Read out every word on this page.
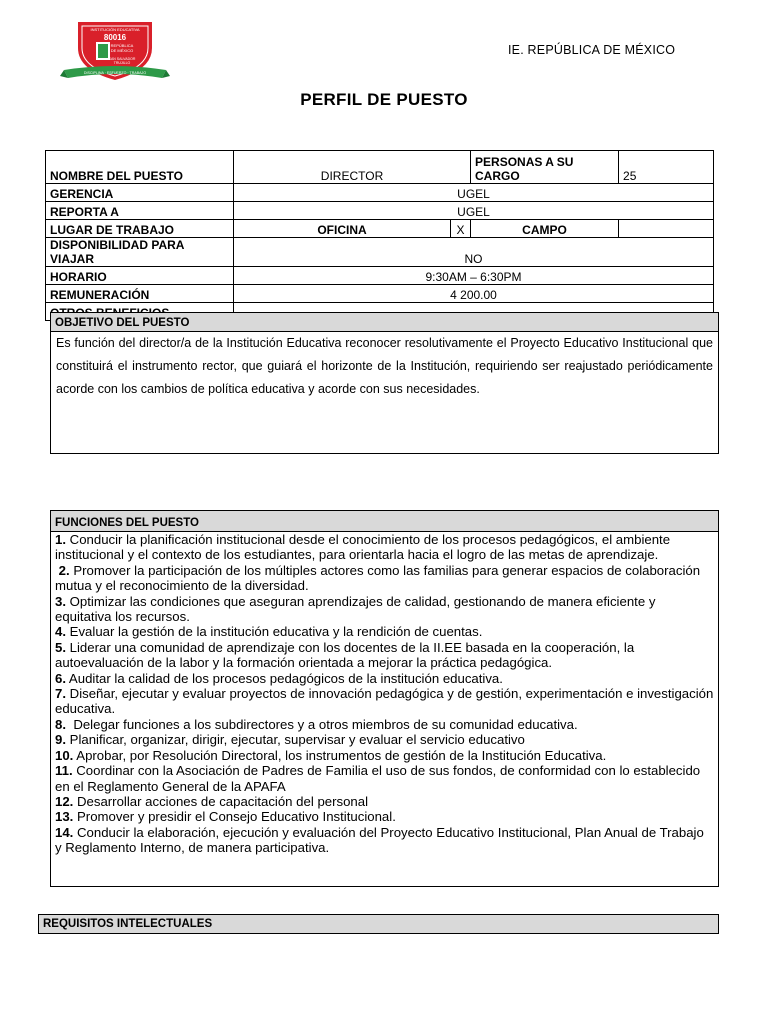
INSTITUCIÓN EDUCATIVA
80016
REPÚBLICA
DE MÉXICO
SAN SALVADOR
TRUJILLO
DISCIPLINA · ESFUERZO · TRABAJO
IE. REPÚBLICA DE MÉXICO
PERFIL DE PUESTO
NOMBRE DEL PUESTO	DIRECTOR		PERSONAS A SU CARGO	25
GERENCIA	UGEL			
REPORTA A	UGEL			
LUGAR DE TRABAJO	OFICINA	X	CAMPO	
DISPONIBILIDAD PARA VIAJAR	NO			
HORARIO	9:30AM – 6:30PM			
REMUNERACIÓN	4 200.00			

OBJETIVO DEL PUESTO
Es función del director/a de la Institución Educativa reconocer resolutivamente el Proyecto Educativo Institucional que constituirá el instrumento rector, que guiará el horizonte de la Institución, requiriendo ser reajustado periódicamente acorde con los cambios de política educativa y acorde con sus necesidades.
FUNCIONES DEL PUESTO
1. Conducir la planificación institucional desde el conocimiento de los procesos pedagógicos, el ambiente institucional y el contexto de los estudiantes, para orientarla hacia el logro de las metas de aprendizaje.
2. Promover la participación de los múltiples actores como las familias para generar espacios de colaboración mutua y el reconocimiento de la diversidad.
3. Optimizar las condiciones que aseguran aprendizajes de calidad, gestionando de manera eficiente y equitativa los recursos.
4. Evaluar la gestión de la institución educativa y la rendición de cuentas.
5. Liderar una comunidad de aprendizaje con los docentes de la II.EE basada en la cooperación, la autoevaluación de la labor y la formación orientada a mejorar la práctica pedagógica.
6. Auditar la calidad de los procesos pedagógicos de la institución educativa.
7. Diseñar, ejecutar y evaluar proyectos de innovación pedagógica y de gestión, experimentación e investigación educativa.
8.  Delegar funciones a los subdirectores y a otros miembros de su comunidad educativa.
9. Planificar, organizar, dirigir, ejecutar, supervisar y evaluar el servicio educativo
10. Aprobar, por Resolución Directoral, los instrumentos de gestión de la Institución Educativa.
11. Coordinar con la Asociación de Padres de Familia el uso de sus fondos, de conformidad con lo establecido en el Reglamento General de la APAFA
12. Desarrollar acciones de capacitación del personal
13. Promover y presidir el Consejo Educativo Institucional.
14. Conducir la elaboración, ejecución y evaluación del Proyecto Educativo Institucional, Plan Anual de Trabajo y Reglamento Interno, de manera participativa.
REQUISITOS INTELECTUALES
